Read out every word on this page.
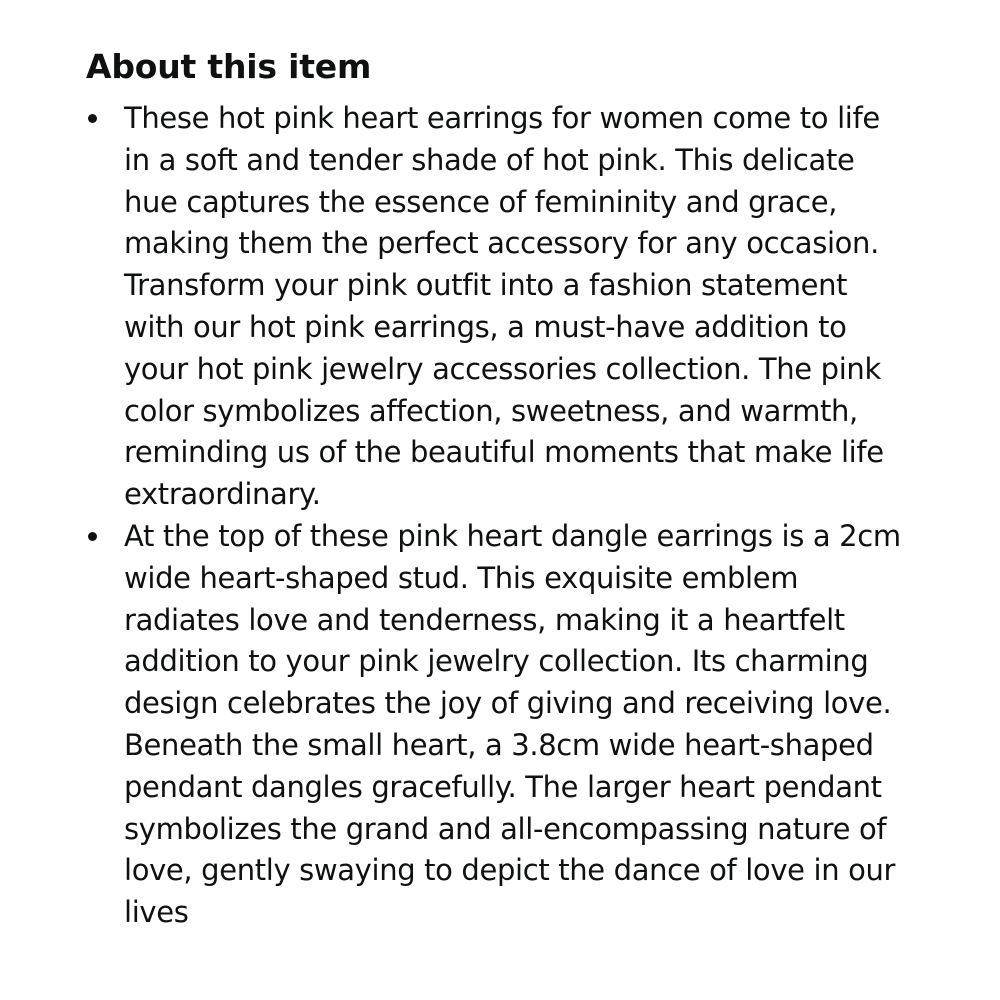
About this item
These hot pink heart earrings for women come to life
in a soft and tender shade of hot pink. This delicate
hue captures the essence of femininity and grace,
making them the perfect accessory for any occasion.
Transform your pink outfit into a fashion statement
with our hot pink earrings, a must-have addition to
your hot pink jewelry accessories collection. The pink
color symbolizes affection, sweetness, and warmth,
reminding us of the beautiful moments that make life
extraordinary.
At the top of these pink heart dangle earrings is a 2cm
wide heart-shaped stud. This exquisite emblem
radiates love and tenderness, making it a heartfelt
addition to your pink jewelry collection. Its charming
design celebrates the joy of giving and receiving love.
Beneath the small heart, a 3.8cm wide heart-shaped
pendant dangles gracefully. The larger heart pendant
symbolizes the grand and all-encompassing nature of
love, gently swaying to depict the dance of love in our
lives
